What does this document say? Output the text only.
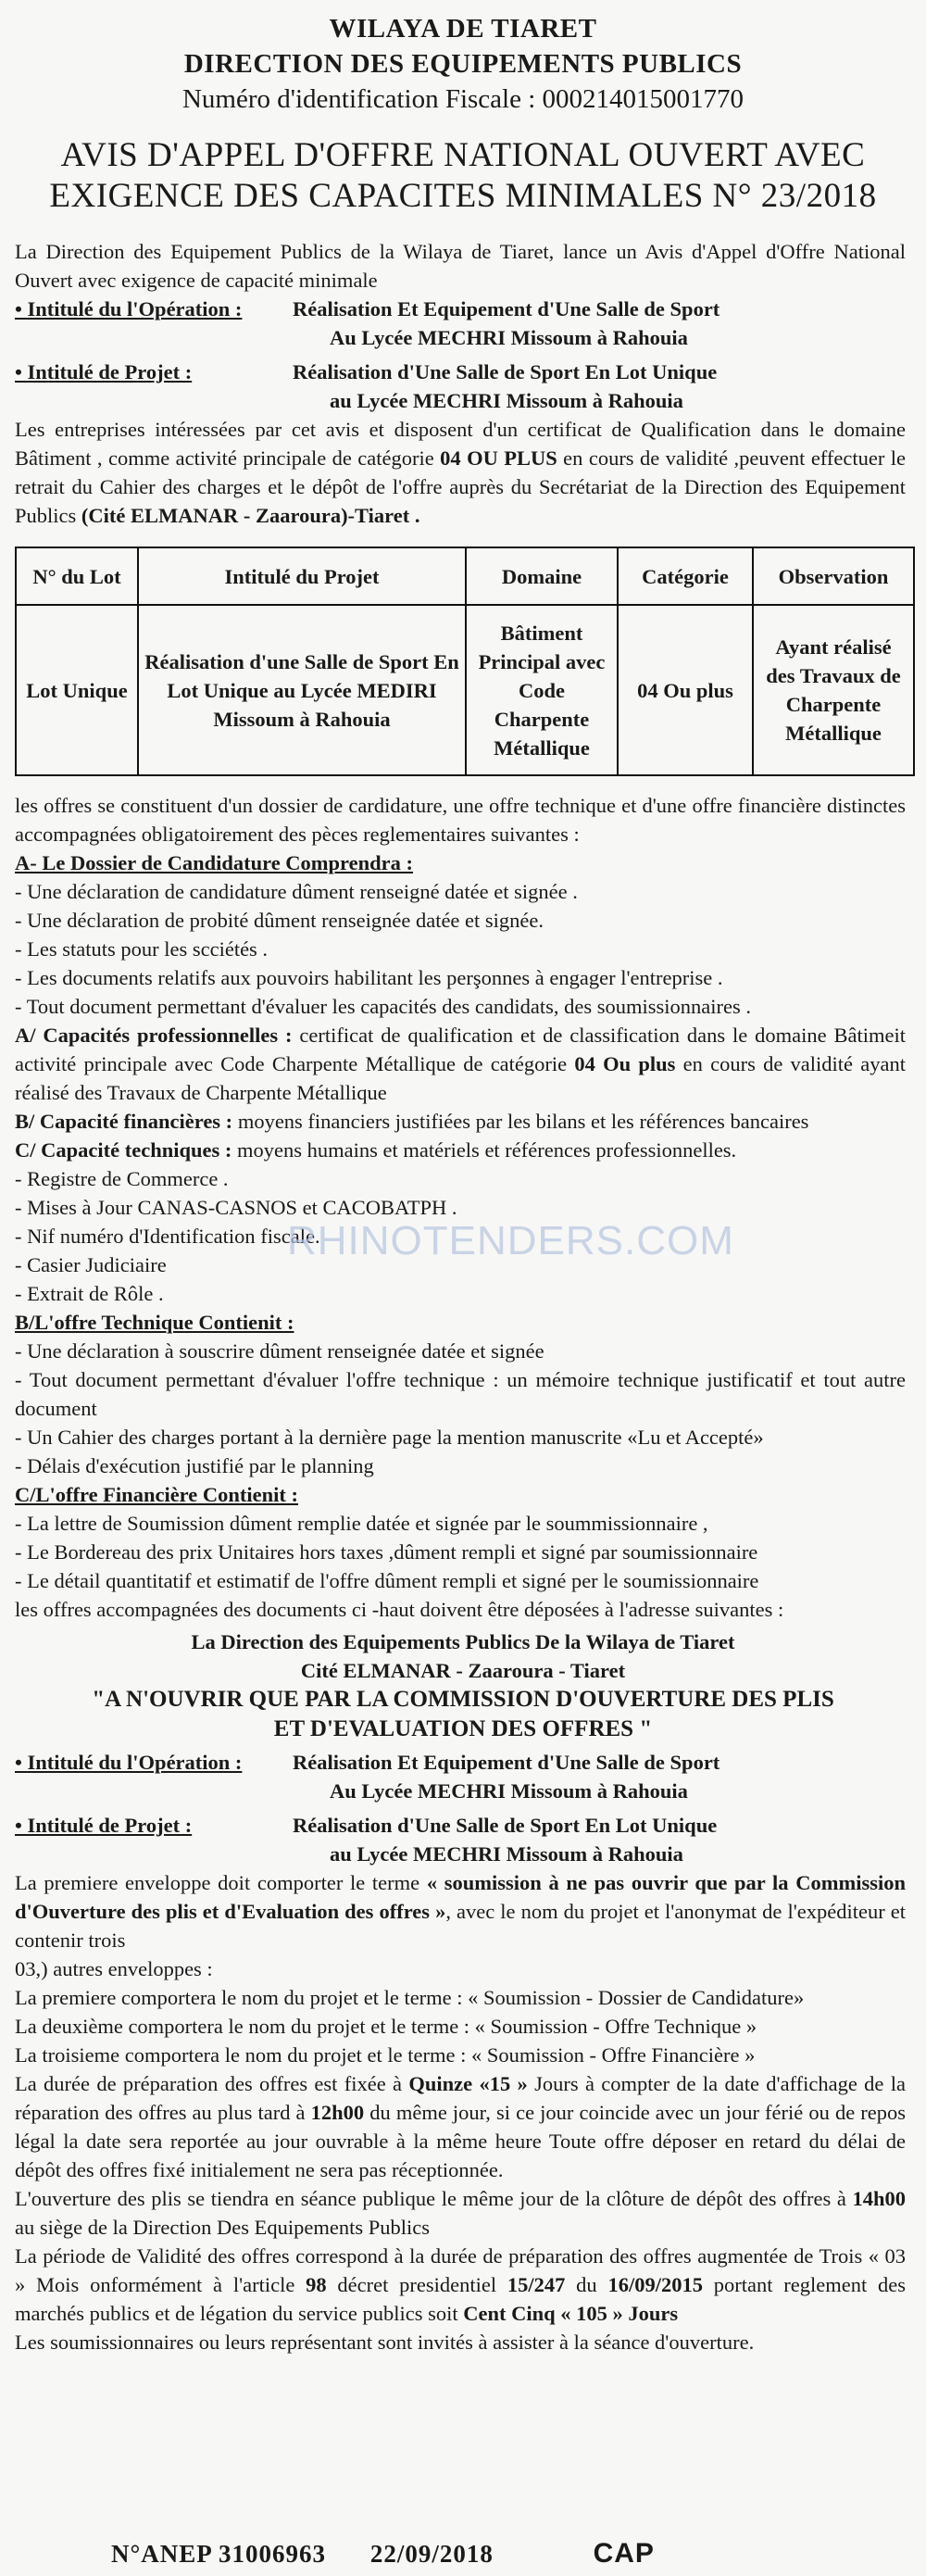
WILAYA DE TIARET
DIRECTION DES EQUIPEMENTS PUBLICS
Numéro d'identification Fiscale : 000214015001770
AVIS D'APPEL D'OFFRE NATIONAL OUVERT AVEC
EXIGENCE DES CAPACITES MINIMALES N° 23/2018
La Direction des Equipement Publics de la Wilaya de Tiaret, lance un Avis d'Appel d'Offre National Ouvert avec exigence de capacité minimale
• Intitulé du l'Opération :	Réalisation Et Equipement d'Une Salle de Sport
Au Lycée MECHRI Missoum à Rahouia
• Intitulé de Projet :	Réalisation d'Une Salle de Sport En Lot Unique
au Lycée MECHRI Missoum à Rahouia
Les entreprises intéressées par cet avis et disposent d'un certificat de Qualification dans le domaine Bâtiment , comme activité principale de catégorie 04 OU PLUS en cours de validité ,peuvent effectuer le retrait du Cahier des charges et le dépôt de l'offre auprès du Secrétariat de la Direction des Equipement Publics (Cité ELMANAR - Zaaroura)-Tiaret .
N° du Lot	Intitulé du Projet	Domaine	Catégorie	Observation
Lot Unique	Réalisation d'une Salle de Sport En Lot Unique au Lycée MEDIRI Missoum à Rahouia	Bâtiment Principal avec Code Charpente Métallique	04 Ou plus	Ayant réalisé des Travaux de Charpente Métallique
les offres se constituent d'un dossier de cardidature, une offre technique et d'une offre financière distinctes accompagnées obligatoirement des pèces reglementaires suivantes :
A- Le Dossier de Candidature Comprendra :
- Une déclaration de candidature dûment renseigné datée et signée .
- Une déclaration de probité dûment renseignée datée et signée.
- Les statuts pour les scciétés .
- Les documents relatifs aux pouvoirs habilitant les perşonnes à engager l'entreprise .
- Tout document permettant d'évaluer les capacités des candidats, des soumissionnaires .
A/ Capacités professionnelles : certificat de qualification et de classification dans le domaine Bâtimeit activité principale avec Code Charpente Métallique de catégorie 04 Ou plus en cours de validité ayant réalisé des Travaux de Charpente Métallique
B/ Capacité financières : moyens financiers justifiées par les bilans et les références bancaires
C/ Capacité techniques : moyens humains et matériels et références professionnelles.
- Registre de Commerce .
- Mises à Jour CANAS-CASNOS et CACOBATPH .
- Nif numéro d'Identification fiscale.
- Casier Judiciaire
- Extrait de Rôle .
B/L'offre Technique Contienit :
- Une déclaration à souscrire dûment renseignée datée et signée
- Tout document permettant d'évaluer l'offre technique : un mémoire technique justificatif et tout autre document
- Un Cahier des charges portant à la dernière page la mention manuscrite «Lu et Accepté»
- Délais d'exécution justifié par le planning
C/L'offre Financière Contienit :
- La lettre de Soumission dûment remplie datée et signée par le soummissionnaire ,
- Le Bordereau des prix Unitaires hors taxes ,dûment rempli et signé par soumissionnaire
- Le détail quantitatif et estimatif de l'offre dûment rempli et signé per le soumissionnaire
les offres accompagnées des documents ci -haut doivent être déposées à l'adresse suivantes :
La Direction des Equipements Publics De la Wilaya de Tiaret
Cité ELMANAR - Zaaroura - Tiaret
"A N'OUVRIR QUE PAR LA COMMISSION D'OUVERTURE DES PLIS
ET D'EVALUATION DES OFFRES "
• Intitulé du l'Opération :	Réalisation Et Equipement d'Une Salle de Sport
Au Lycée MECHRI Missoum à Rahouia
• Intitulé de Projet :	Réalisation d'Une Salle de Sport En Lot Unique
au Lycée MECHRI Missoum à Rahouia
La premiere enveloppe doit comporter le terme « soumission à ne pas ouvrir que par la Commission d'Ouverture des plis et d'Evaluation des offres », avec le nom du projet et l'anonymat de l'expéditeur et contenir trois
03,) autres enveloppes :
La premiere comportera le nom du projet et le terme : « Soumission - Dossier de Candidature»
La deuxième comportera le nom du projet et le terme : « Soumission - Offre Technique »
La troisieme comportera le nom du projet et le terme : « Soumission - Offre Financière »
La durée de préparation des offres est fixée à Quinze «15 » Jours à compter de la date d'affichage de la réparation des offres au plus tard à 12h00 du même jour, si ce jour coincide avec un jour férié ou de repos légal la date sera reportée au jour ouvrable à la même heure Toute offre déposer en retard du délai de dépôt des offres fixé initialement ne sera pas réceptionnée.
L'ouverture des plis se tiendra en séance publique le même jour de la clôture de dépôt des offres à 14h00 au siège de la Direction Des Equipements Publics
La période de Validité des offres correspond à la durée de préparation des offres augmentée de Trois « 03 » Mois onformément à l'article 98 décret presidentiel 15/247 du 16/09/2015 portant reglement des marchés publics et de légation du service publics soit Cent Cinq « 105 » Jours
Les soumissionnaires ou leurs représentant sont invités à assister à la séance d'ouverture.
RHINOTENDERS.COM
N°ANEP 31006963 22/09/2018	CAP
